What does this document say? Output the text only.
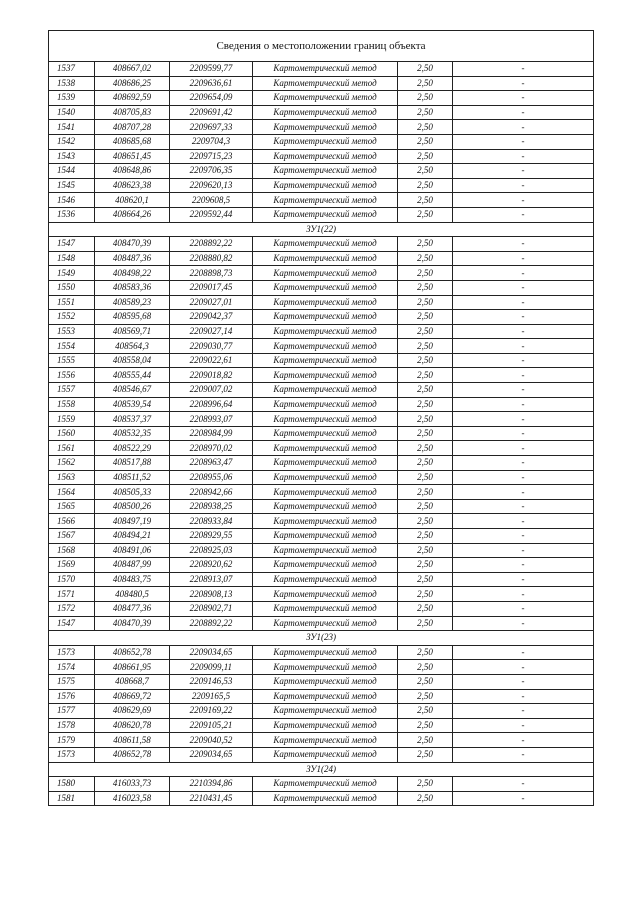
Сведения о местоположении границ объекта					
1537	408667,02	2209599,77	Картометрический метод	2,50	-
1538	408686,25	2209636,61	Картометрический метод	2,50	-
1539	408692,59	2209654,09	Картометрический метод	2,50	-
1540	408705,83	2209691,42	Картометрический метод	2,50	-
1541	408707,28	2209697,33	Картометрический метод	2,50	-
1542	408685,68	2209704,3	Картометрический метод	2,50	-
1543	408651,45	2209715,23	Картометрический метод	2,50	-
1544	408648,86	2209706,35	Картометрический метод	2,50	-
1545	408623,38	2209620,13	Картометрический метод	2,50	-
1546	408620,1	2209608,5	Картометрический метод	2,50	-
1536	408664,26	2209592,44	Картометрический метод	2,50	-
ЗУ1(22)					
1547	408470,39	2208892,22	Картометрический метод	2,50	-
1548	408487,36	2208880,82	Картометрический метод	2,50	-
1549	408498,22	2208898,73	Картометрический метод	2,50	-
1550	408583,36	2209017,45	Картометрический метод	2,50	-
1551	408589,23	2209027,01	Картометрический метод	2,50	-
1552	408595,68	2209042,37	Картометрический метод	2,50	-
1553	408569,71	2209027,14	Картометрический метод	2,50	-
1554	408564,3	2209030,77	Картометрический метод	2,50	-
1555	408558,04	2209022,61	Картометрический метод	2,50	-
1556	408555,44	2209018,82	Картометрический метод	2,50	-
1557	408546,67	2209007,02	Картометрический метод	2,50	-
1558	408539,54	2208996,64	Картометрический метод	2,50	-
1559	408537,37	2208993,07	Картометрический метод	2,50	-
1560	408532,35	2208984,99	Картометрический метод	2,50	-
1561	408522,29	2208970,02	Картометрический метод	2,50	-
1562	408517,88	2208963,47	Картометрический метод	2,50	-
1563	408511,52	2208955,06	Картометрический метод	2,50	-
1564	408505,33	2208942,66	Картометрический метод	2,50	-
1565	408500,26	2208938,25	Картометрический метод	2,50	-
1566	408497,19	2208933,84	Картометрический метод	2,50	-
1567	408494,21	2208929,55	Картометрический метод	2,50	-
1568	408491,06	2208925,03	Картометрический метод	2,50	-
1569	408487,99	2208920,62	Картометрический метод	2,50	-
1570	408483,75	2208913,07	Картометрический метод	2,50	-
1571	408480,5	2208908,13	Картометрический метод	2,50	-
1572	408477,36	2208902,71	Картометрический метод	2,50	-
1547	408470,39	2208892,22	Картометрический метод	2,50	-
ЗУ1(23)					
1573	408652,78	2209034,65	Картометрический метод	2,50	-
1574	408661,95	2209099,11	Картометрический метод	2,50	-
1575	408668,7	2209146,53	Картометрический метод	2,50	-
1576	408669,72	2209165,5	Картометрический метод	2,50	-
1577	408629,69	2209169,22	Картометрический метод	2,50	-
1578	408620,78	2209105,21	Картометрический метод	2,50	-
1579	408611,58	2209040,52	Картометрический метод	2,50	-
1573	408652,78	2209034,65	Картометрический метод	2,50	-
ЗУ1(24)					
1580	416033,73	2210394,86	Картометрический метод	2,50	-
1581	416023,58	2210431,45	Картометрический метод	2,50	-
